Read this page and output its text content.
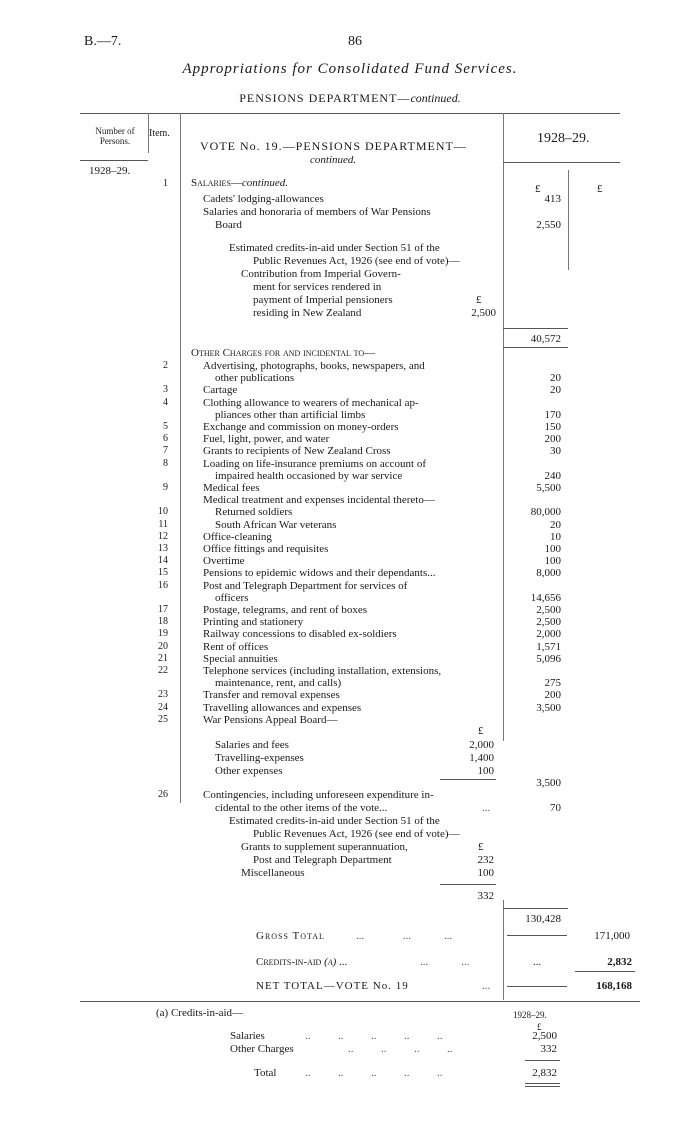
B.—7.	86
Appropriations for Consolidated Fund Services.
PENSIONS DEPARTMENT—continued.
Number of Persons.
Item.	1928–29.
VOTE No. 19.—PENSIONS DEPARTMENT—
continued.
1928–29.
1 Salaries—continued.	£	£
Cadets' lodging-allowances	413
Salaries and honoraria of members of War Pensions
Board	2,550
Estimated credits-in-aid under Section 51 of the
Public Revenues Act, 1926 (see end of vote)—
Contribution from Imperial Govern-
ment for services rendered in
payment of Imperial pensioners	£
residing in New Zealand	2,500
40,572
Other Charges for and incidental to—
2	Advertising, photographs, books, newspapers, and
other publications	20
3	Cartage	20
4	Clothing allowance to wearers of mechanical ap-
pliances other than artificial limbs	170
5	Exchange and commission on money-orders	150
6	Fuel, light, power, and water	200
7	Grants to recipients of New Zealand Cross	30
8	Loading on life-insurance premiums on account of
impaired health occasioned by war service	240
9	Medical fees	5,500
Medical treatment and expenses incidental thereto—
10	Returned soldiers	80,000
11	South African War veterans	20
12	Office-cleaning	10
13	Office fittings and requisites	100
14	Overtime	100
15	Pensions to epidemic widows and their dependants...	8,000
16	Post and Telegraph Department for services of
officers	14,656
17	Postage, telegrams, and rent of boxes	2,500
18	Printing and stationery	2,500
19	Railway concessions to disabled ex-soldiers	2,000
20	Rent of offices	1,571
21	Special annuities	5,096
22	Telephone services (including installation, extensions,
maintenance, rent, and calls)	275
23	Transfer and removal expenses	200
24	Travelling allowances and expenses	3,500
25	War Pensions Appeal Board—
£
Salaries and fees	2,000
Travelling-expenses	1,400
Other expenses	100
3,500
26	Contingencies, including unforeseen expenditure in-
cidental to the other items of the vote...	...	70
Estimated credits-in-aid under Section 51 of the
Public Revenues Act, 1926 (see end of vote)—
Grants to supplement superannuation,	£
Post and Telegraph Department	232
Miscellaneous	100
332
130,428
Gross Total	...              ...            ...	171,000
Credits-in-aid (a) ...	...            ...	...	2,832
NET TOTAL—VOTE No. 19	...	168,168
(a) Credits-in-aid—	1928–29.
£
Salaries	..          ..          ..          ..          ..	2,500
Other Charges	..          ..          ..          ..	332
Total	..          ..          ..          ..          ..	2,832
